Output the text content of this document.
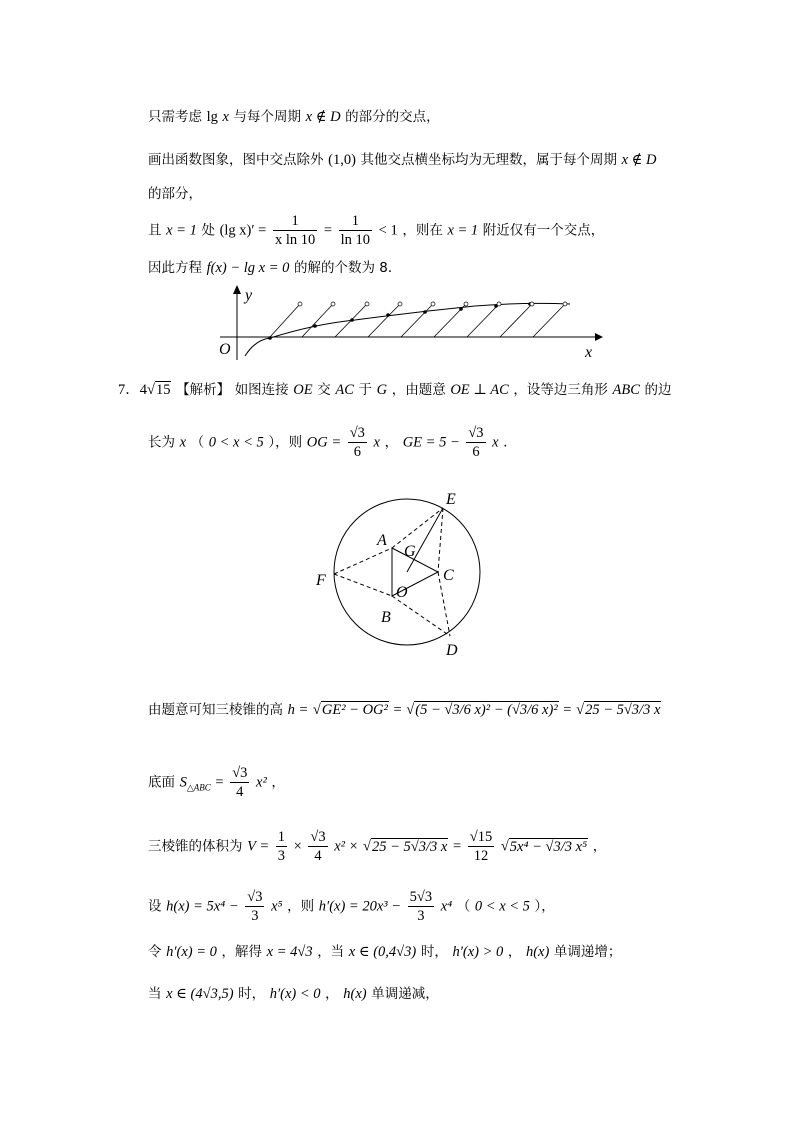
只需考虑 lg x 与每个周期 x ∉ D 的部分的交点，
画出函数图象，图中交点除外 (1,0) 其他交点横坐标均为无理数，属于每个周期 x ∉ D
的部分，
且 x = 1 处 (lg $x)' = \frac{1}{\text{x ln 10}} = \frac{1}{\ln 10} < 1$ ，则在 x = 1 附近仅有一个交点，
因此方程 f(x) − lg x = 0 的解的个数为 8．
y
x
O
7．4√15 【解析】 如图连接 OE 交 AC 于 G ，由题意 OE ⊥ AC ，设等边三角形 ABC 的边
长为 x （ 0 < x < 5 ），则 OG = $\frac{√3}{6}$ x ， GE = $5 - \frac{√3}{6}$ x ．
E
A
G
C
F
O
B
D
由题意可知三棱锥的高 h = √GE² − OG² = √(5 − √3/6 x)² − (√3/6 x)² = √25 − 5√3/3 x
底面 $S_{\triangle ABC} = \frac{√3}{4} x^2$ ，
三棱锥的体积为 $V = \frac{1}{3} \times \frac{√3}{4} x^2 \times √25 - 5√3/3$ $x = \frac{√15}{12} √5x^4 - √3/3$ x⁵ ，
设 $h(x) = 5x^4 - \frac{√3}{3} x^5$ ，则 $h'(x) = 20x^3 - \frac{5√3}{3} x^4$ （ 0 < x < 5 ），
令 h′(x) = 0 ，解得 x = 4√3 ，当 x ∈ (0,4√3) 时， h′(x) > 0 ， h(x) 单调递增；
当 x ∈ (4√3,5) 时， h′(x) < 0 ， h(x) 单调递减，
